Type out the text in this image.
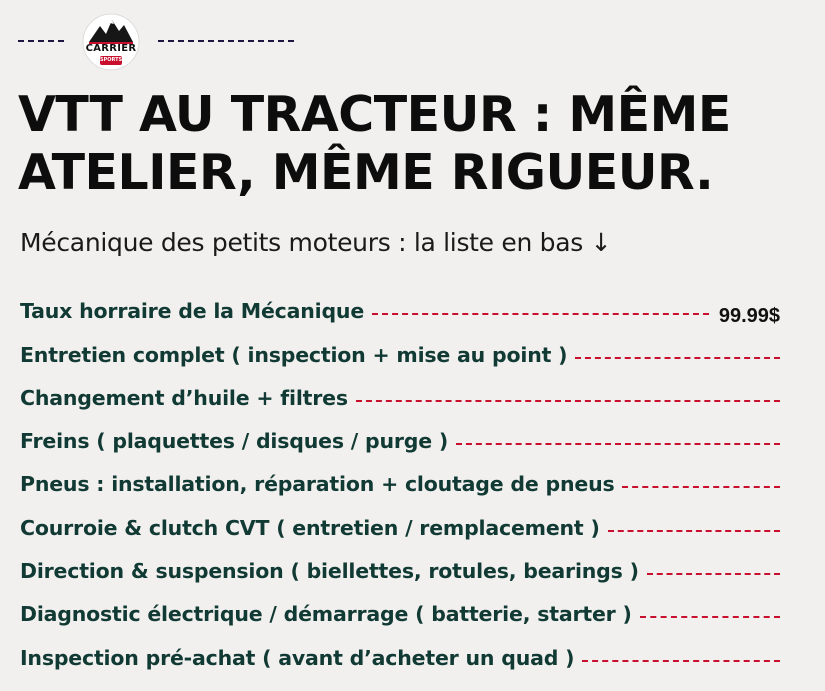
CARRIER
SPORTS
VTT AU TRACTEUR : MÊME ATELIER, MÊME RIGUEUR.

Mécanique des petits moteurs : la liste en bas ↓

Taux horraire de la Mécanique	99.99$
Entretien complet ( inspection + mise au point )
Changement d’huile + filtres
Freins ( plaquettes / disques / purge )
Pneus : installation, réparation + cloutage de pneus
Courroie & clutch CVT ( entretien / remplacement )
Direction & suspension ( biellettes, rotules, bearings )
Diagnostic électrique / démarrage ( batterie, starter )
Inspection pré-achat ( avant d’acheter un quad )
